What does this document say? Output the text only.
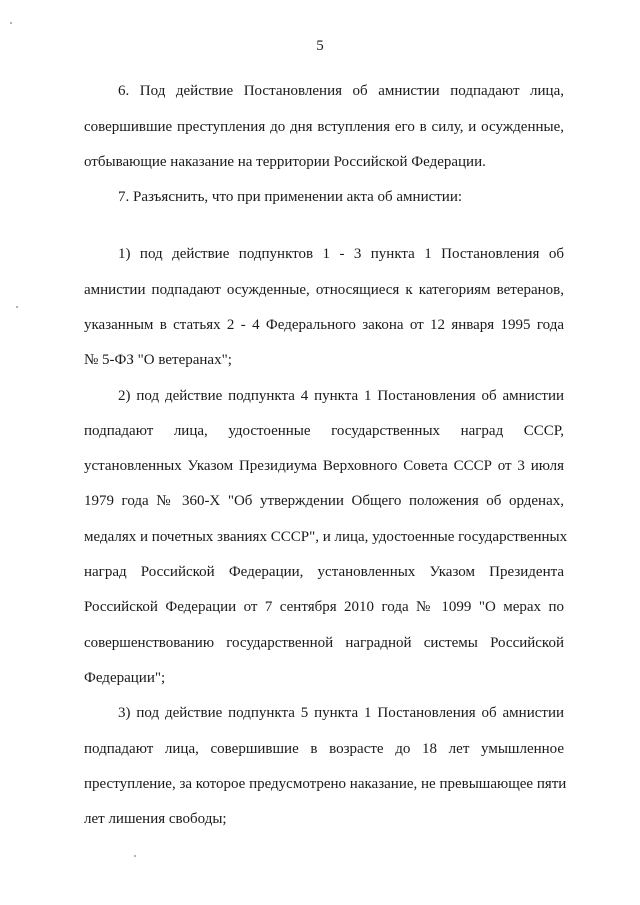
5
6. Под действие Постановления об амнистии подпадают лица,
совершившие преступления до дня вступления его в силу, и осужденные,
отбывающие наказание на территории Российской Федерации.
7. Разъяснить, что при применении акта об амнистии:
1) под действие подпунктов 1 - 3 пункта 1 Постановления об
амнистии подпадают осужденные, относящиеся к категориям ветеранов,
указанным в статьях 2 - 4 Федерального закона от 12 января 1995 года
№ 5-ФЗ "О ветеранах";
2) под действие подпункта 4 пункта 1 Постановления об амнистии
подпадают лица, удостоенные государственных наград СССР,
установленных Указом Президиума Верховного Совета СССР от 3 июля
1979 года № 360-Х "Об утверждении Общего положения об орденах,
медалях и почетных званиях СССР", и лица, удостоенные государственных
наград Российской Федерации, установленных Указом Президента
Российской Федерации от 7 сентября 2010 года № 1099 "О мерах по
совершенствованию государственной наградной системы Российской
Федерации";
3) под действие подпункта 5 пункта 1 Постановления об амнистии
подпадают лица, совершившие в возрасте до 18 лет умышленное
преступление, за которое предусмотрено наказание, не превышающее пяти
лет лишения свободы;
